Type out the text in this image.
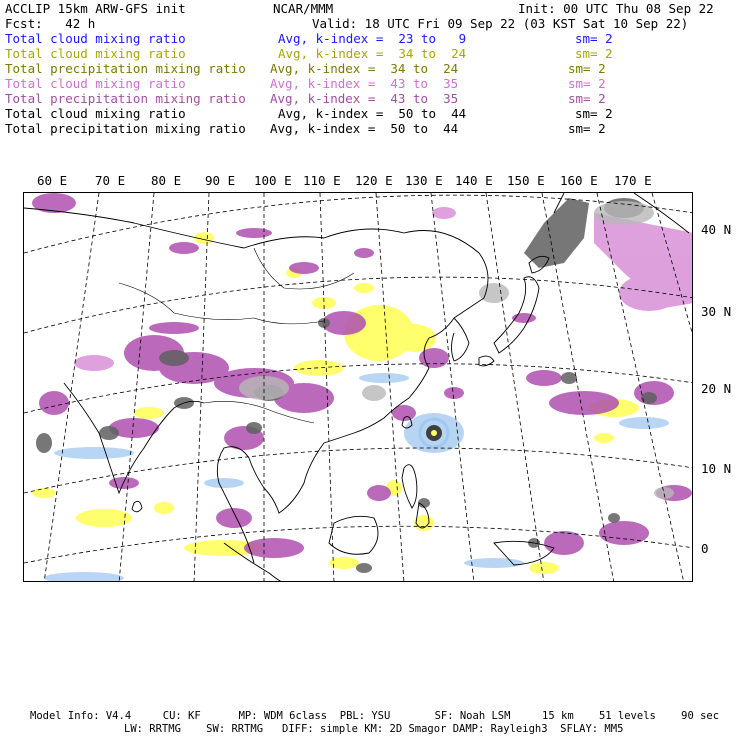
ACCLIP 15km ARW-GFS init	NCAR/MMM	Init: 00 UTC Thu 08 Sep 22
Fcst:   42 h	Valid: 18 UTC Fri 09 Sep 22 (03 KST Sat 10 Sep 22)
Total cloud mixing ratio	Avg, k-index =  23 to   9	sm= 2
Total cloud mixing ratio	Avg, k-index =  34 to  24	sm= 2
Total precipitation mixing ratio Avg, k-index =  34 to  24	sm= 2
Total cloud mixing ratio	Avg, k-index =  43 to  35	sm= 2
Total precipitation mixing ratio Avg, k-index =  43 to  35	sm= 2
Total cloud mixing ratio	Avg, k-index =  50 to  44	sm= 2
Total precipitation mixing ratio Avg, k-index =  50 to  44	sm= 2
60 E 70 E 80 E 90 E 100 E 110 E 120 E 130 E 140 E 150 E 160 E 170 E
40 N
30 N
20 N
10 N
0
Model Info: V4.4     CU: KF      MP: WDM 6class  PBL: YSU       SF: Noah LSM     15 km    51 levels    90 sec
LW: RRTMG    SW: RRTMG   DIFF: simple KM: 2D Smagor DAMP: Rayleigh3  SFLAY: MM5
